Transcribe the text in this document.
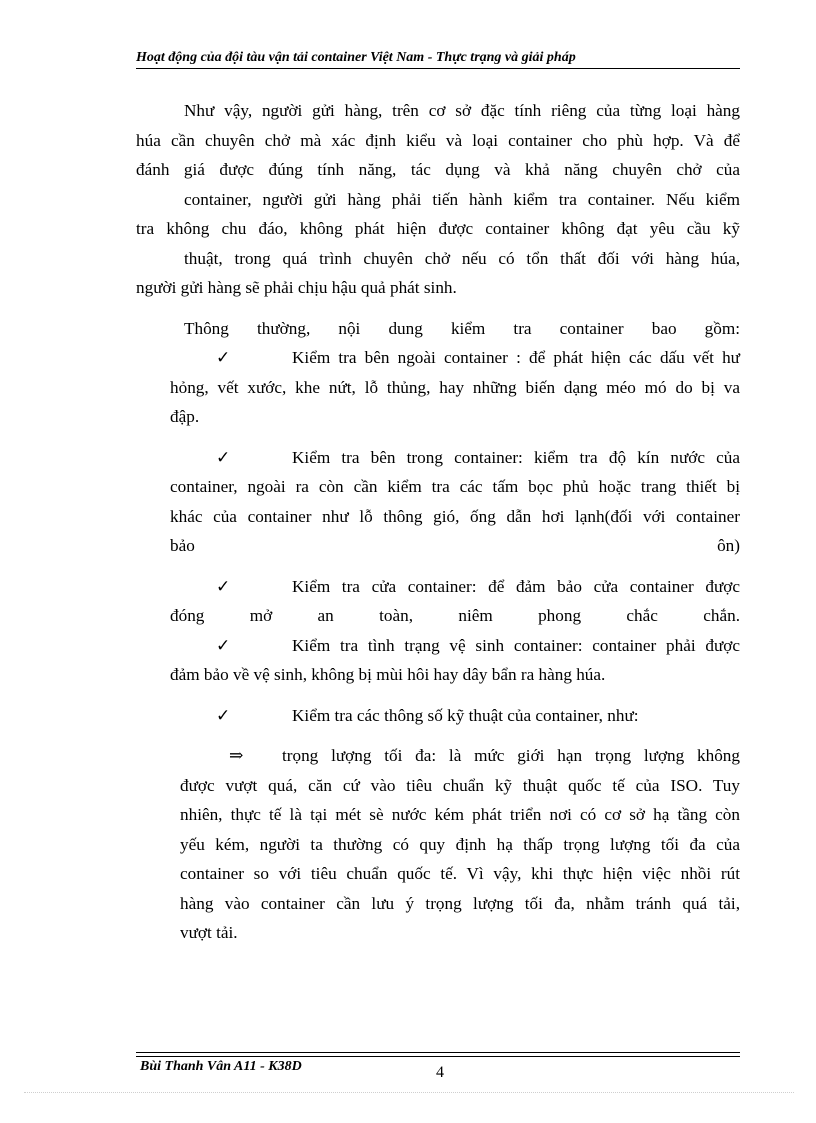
Hoạt động của đội tàu vận tải container Việt Nam - Thực trạng và giải pháp

Như vậy, người gửi hàng, trên cơ sở đặc tính riêng của từng loại hàng

húa cần chuyên chở mà xác định kiểu và loại container cho phù hợp. Và để

đánh giá được đúng tính năng, tác dụng và khả năng chuyên chở của

container, người gửi hàng phải tiến hành kiểm tra container. Nếu kiểm

tra không chu đáo, không phát hiện được container không đạt yêu cầu kỹ

thuật, trong quá trình chuyên chở nếu có tổn thất đối với hàng húa,

người gửi hàng sẽ phải chịu hậu quả phát sinh.

Thông thường, nội dung kiểm tra container bao gồm:

✓	Kiểm tra bên ngoài container : để phát hiện các dấu vết hư

hỏng, vết xước, khe nứt, lỗ thủng, hay những biến dạng méo mó do bị va

đập.

✓	Kiểm tra bên trong container: kiểm tra độ kín nước của

container, ngoài ra còn cần kiểm tra các tấm bọc phủ hoặc trang thiết bị

khác của container như lỗ thông gió, ống dẫn hơi lạnh(đối với container

bảo ôn)

✓	Kiểm tra cửa container: để đảm bảo cửa container được

đóng mở an toàn, niêm phong chắc chắn.

✓	Kiểm tra tình trạng vệ sinh container: container phải được

đảm bảo về vệ sinh, không bị mùi hôi hay dây bẩn ra hàng húa.

✓	Kiểm tra các thông số kỹ thuật của container, như:

⇒ trọng lượng tối đa: là mức giới hạn trọng lượng không

được vượt quá, căn cứ vào tiêu chuẩn kỹ thuật quốc tế của ISO. Tuy

nhiên, thực tế là tại mét sè nước kém phát triển nơi có cơ sở hạ tầng còn

yếu kém, người ta thường có quy định hạ thấp trọng lượng tối đa của

container so với tiêu chuẩn quốc tế. Vì vậy, khi thực hiện việc nhồi rút

hàng vào container cần lưu ý trọng lượng tối đa, nhằm tránh quá tải,

vượt tải.

Bùi Thanh Vân A11 - K38D	4
